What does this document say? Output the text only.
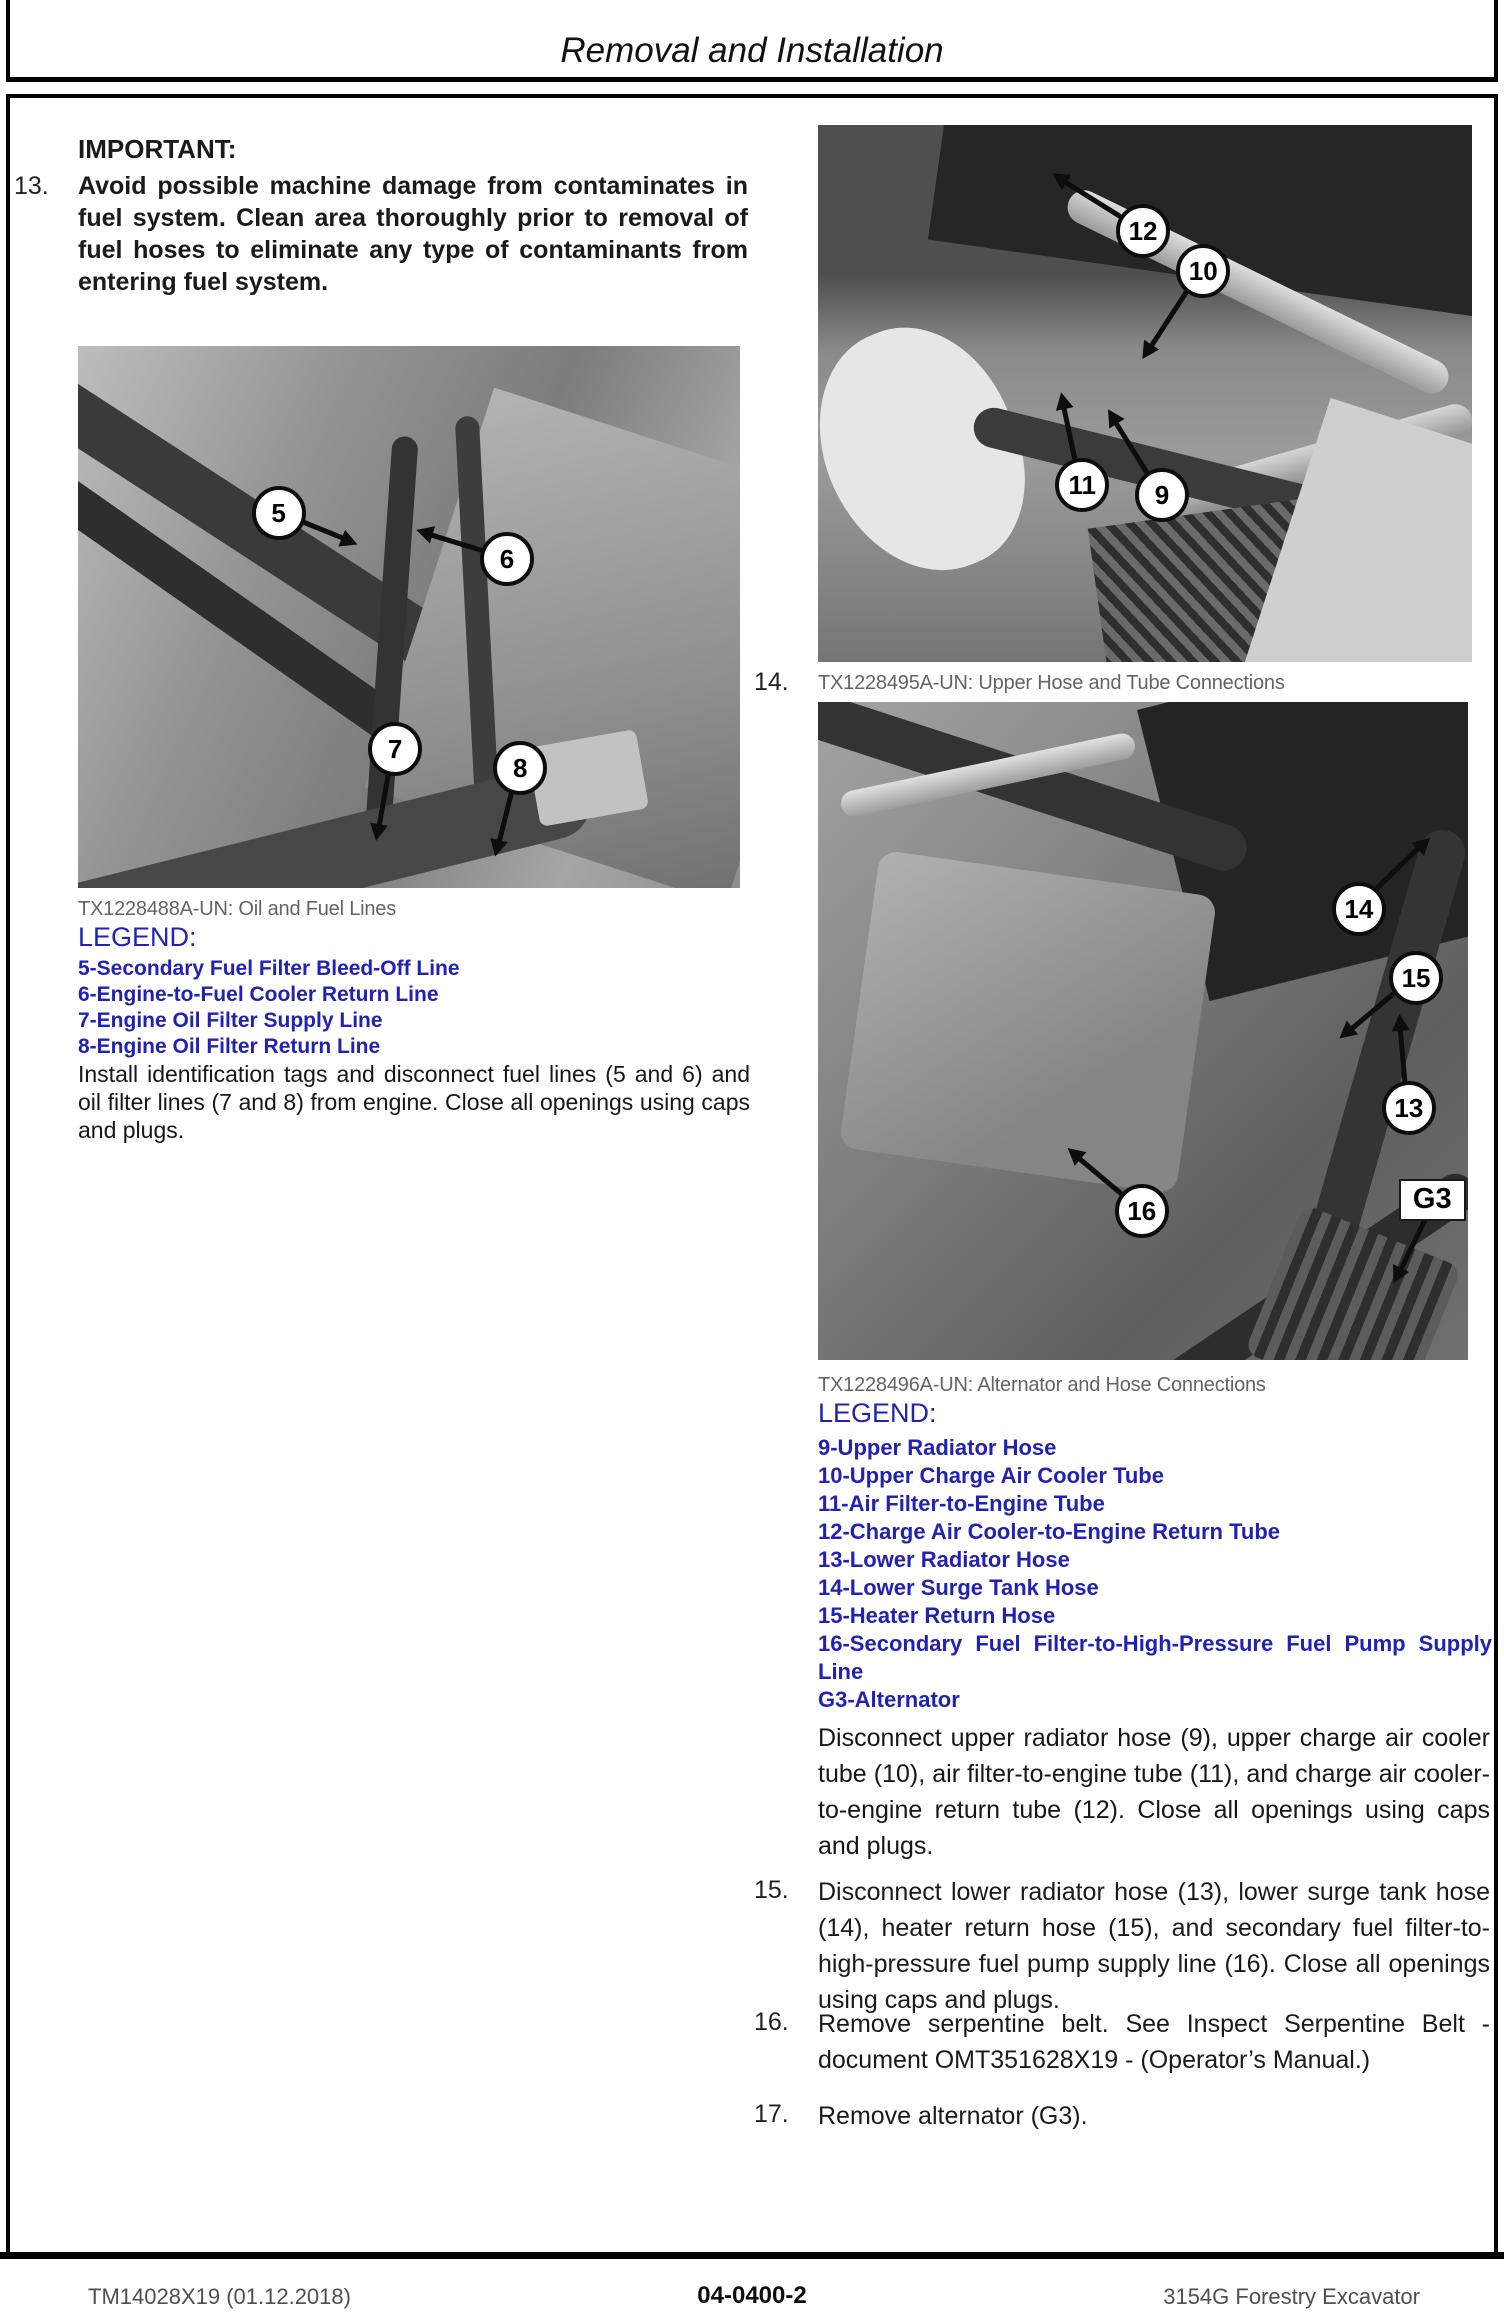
Removal and Installation
IMPORTANT:
13. Avoid possible machine damage from contaminates in fuel system. Clean area thoroughly prior to removal of fuel hoses to eliminate any type of contaminants from entering fuel system.
5
6
7
8
TX1228488A-UN: Oil and Fuel Lines
LEGEND:
5-Secondary Fuel Filter Bleed-Off Line
6-Engine-to-Fuel Cooler Return Line
7-Engine Oil Filter Supply Line
8-Engine Oil Filter Return Line
Install identification tags and disconnect fuel lines (5 and 6) and oil filter lines (7 and 8) from engine. Close all openings using caps and plugs.
12
10
11	9
14. TX1228495A-UN: Upper Hose and Tube Connections
14
15
13
16	G3
TX1228496A-UN: Alternator and Hose Connections
LEGEND:
9-Upper Radiator Hose
10-Upper Charge Air Cooler Tube
11-Air Filter-to-Engine Tube
12-Charge Air Cooler-to-Engine Return Tube
13-Lower Radiator Hose
14-Lower Surge Tank Hose
15-Heater Return Hose
16-Secondary Fuel Filter-to-High-Pressure Fuel Pump Supply Line
G3-Alternator
Disconnect upper radiator hose (9), upper charge air cooler tube (10), air filter-to-engine tube (11), and charge air cooler-to-engine return tube (12). Close all openings using caps and plugs.
15. Disconnect lower radiator hose (13), lower surge tank hose (14), heater return hose (15), and secondary fuel filter-to-high-pressure fuel pump supply line (16). Close all openings using caps and plugs.
16. Remove serpentine belt. See Inspect Serpentine Belt - document OMT351628X19 - (Operator’s Manual.)
17. Remove alternator (G3).
TM14028X19 (01.12.2018)	04-0400-2	3154G Forestry Excavator
